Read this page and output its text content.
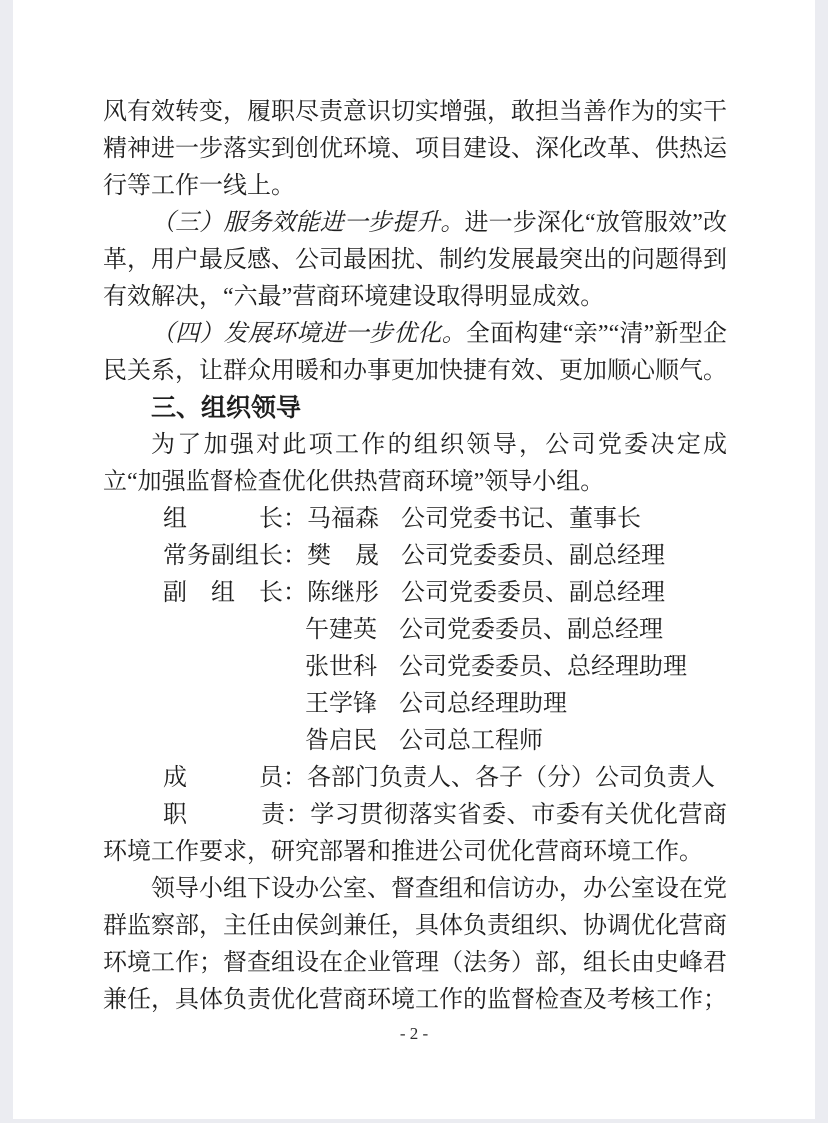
风有效转变，履职尽责意识切实增强，敢担当善作为的实干精神进一步落实到创优环境、项目建设、深化改革、供热运行等工作一线上。

（三）服务效能进一步提升。进一步深化“放管服效”改革，用户最反感、公司最困扰、制约发展最突出的问题得到有效解决，“六最”营商环境建设取得明显成效。

（四）发展环境进一步优化。全面构建“亲”“清”新型企民关系，让群众用暖和办事更加快捷有效、更加顺心顺气。

三、组织领导

为了加强对此项工作的组织领导，公司党委决定成立“加强监督检查优化供热营商环境”领导小组。

组　　　长：马福森 公司党委书记、董事长

常务副组长：樊　晟 公司党委委员、副总经理

副　组　长：陈继彤 公司党委委员、副总经理

午建英 公司党委委员、副总经理

张世科 公司党委委员、总经理助理

王学锋 公司总经理助理

昝启民 公司总工程师

成　　　员：各部门负责人、各子（分）公司负责人

职　　　责：学习贯彻落实省委、市委有关优化营商环境工作要求，研究部署和推进公司优化营商环境工作。

领导小组下设办公室、督查组和信访办，办公室设在党群监察部，主任由侯剑兼任，具体负责组织、协调优化营商环境工作；督查组设在企业管理（法务）部，组长由史峰君兼任，具体负责优化营商环境工作的监督检查及考核工作；

- 2 -
